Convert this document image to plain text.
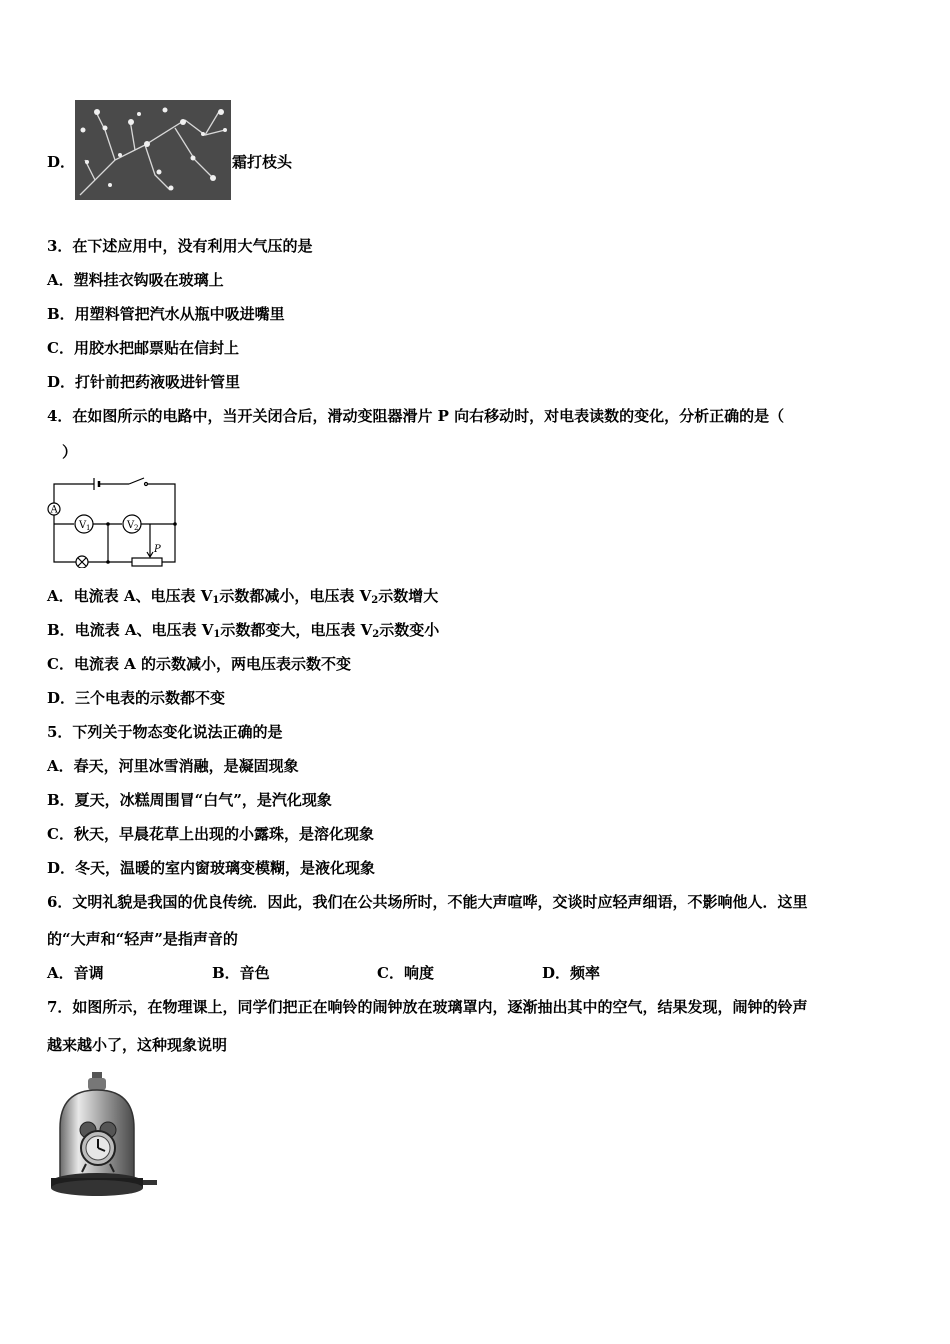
D．	霜打枝头
3．在下述应用中，没有利用大气压的是
A．塑料挂衣钩吸在玻璃上
B．用塑料管把汽水从瓶中吸进嘴里
C．用胶水把邮票贴在信封上
D．打针前把药液吸进针管里
4．在如图所示的电路中，当开关闭合后，滑动变阻器滑片 P 向右移动时，对电表读数的变化，分析正确的是（
）
A
V 1	V 2
P
A．电流表 A、电压表 $V_1$示数都减小，电压表 $V_2$示数增大
B．电流表 A、电压表 $V_1$示数都变大，电压表 $V_2$示数变小
C．电流表 A 的示数减小，两电压表示数不变
D．三个电表的示数都不变
5．下列关于物态变化说法正确的是
A．春天，河里冰雪消融，是凝固现象
B．夏天，冰糕周围冒“白气”，是汽化现象
C．秋天，早晨花草上出现的小露珠，是溶化现象
D．冬天，温暖的室内窗玻璃变模糊，是液化现象
6．文明礼貌是我国的优良传统．因此，我们在公共场所时，不能大声喧哗，交谈时应轻声细语，不影响他人．这里
的“大声和“轻声”是指声音的
A．音调	B．音色	C．响度	D．频率
7．如图所示，在物理课上，同学们把正在响铃的闹钟放在玻璃罩内，逐渐抽出其中的空气，结果发现，闹钟的铃声
越来越小了，这种现象说明
